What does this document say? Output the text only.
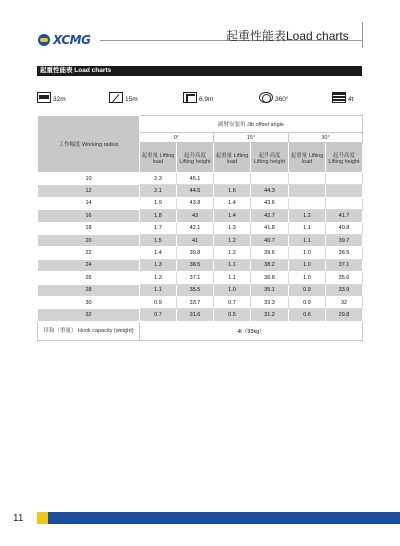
XCMG	起重性能表Load charts
起重性能表 Load charts
32m	15m	6.9m	360°	4t
工作幅度 Working radius	副臂安装角 Jib offset angle					
	0°		15°		30°	
	起重量 Lifting load	起升高度 Lifting height	起重量 Lifting load	起升高度 Lifting height	起重量 Lifting load	起升高度 Lifting height
10	2.3	45.1				
12	2.1	44.5	1.6	44.3		
14	1.9	43.8	1.4	43.6		
16	1.8	43	1.4	42.7	1.2	41.7
18	1.7	42.1	1.3	41.8	1.1	40.8
20	1.5	41	1.2	40.7	1.1	39.7
22	1.4	39.8	1.2	39.6	1.0	38.5
24	1.3	38.5	1.1	38.2	1.0	37.1
26	1.3	37.1	1.1	36.8	1.0	35.6
28	1.1	35.5	1.0	35.1	0.9	33.9
30	0.9	33.7	0.7	33.3	0.9	32
32	0.7	31.6	0.5	31.2	0.6	29.8
吊钩（重量） Hook capacity (weight)	4t（93kg）					
11
